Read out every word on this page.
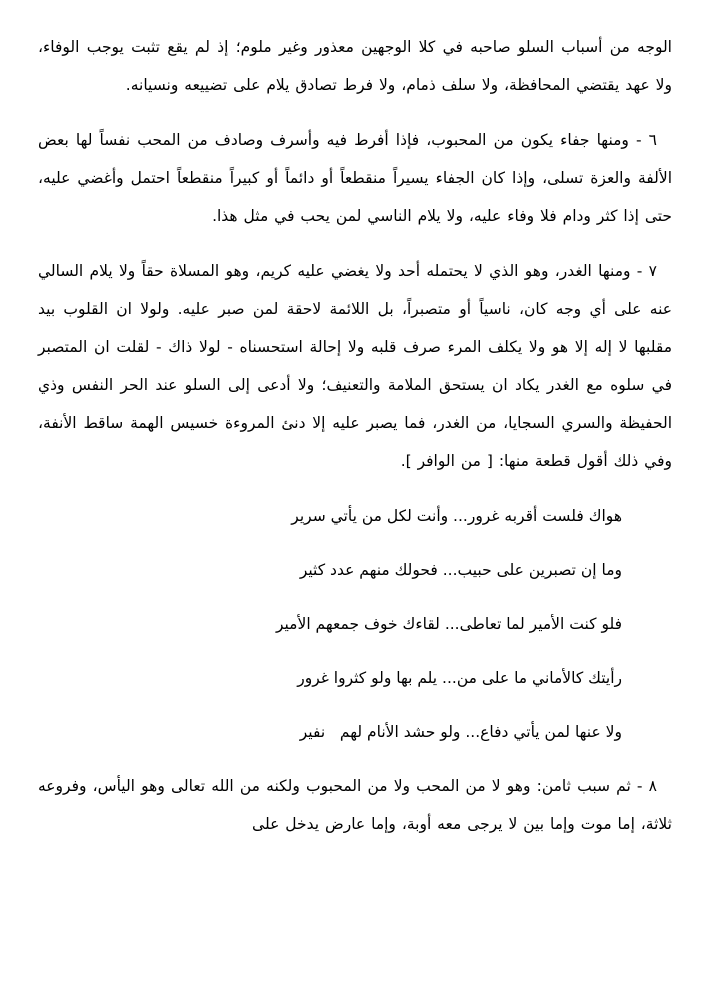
الوجه من أسباب السلو صاحبه في كلا الوجهين معذور وغير ملوم؛ إذ لم يقع تثبت يوجب الوفاء، ولا عهد يقتضي المحافظة، ولا سلف ذمام، ولا فرط تصادق يلام على تضييعه ونسيانه.

٦ - ومنها جفاء يكون من المحبوب، فإذا أفرط فيه وأسرف وصادف من المحب نفساً لها بعض الألفة والعزة تسلى، وإذا كان الجفاء يسيراً منقطعاً أو دائماً أو كبيراً منقطعاً احتمل وأغضي عليه، حتى إذا كثر ودام فلا وفاء عليه، ولا يلام الناسي لمن يحب في مثل هذا.

٧ - ومنها الغدر، وهو الذي لا يحتمله أحد ولا يغضي عليه كريم، وهو المسلاة حقاً ولا يلام السالي عنه على أي وجه كان، ناسياً أو متصبراً، بل اللائمة لاحقة لمن صبر عليه. ولولا ان القلوب بيد مقلبها لا إله إلا هو ولا يكلف المرء صرف قلبه ولا إحالة استحسناه - لولا ذاك - لقلت ان المتصبر في سلوه مع الغدر يكاد ان يستحق الملامة والتعنيف؛ ولا أدعى إلى السلو عند الحر النفس وذي الحفيظة والسري السجايا، من الغدر، فما يصبر عليه إلا دنئ المروءة خسيس الهمة ساقط الأنفة، وفي ذلك أقول قطعة منها: [ من الوافر ].

هواك فلست أقربه غرور... وأنت لكل من يأتي سرير

وما إن تصبرين على حبيب... فحولك منهم عدد كثير

فلو كنت الأمير لما تعاطى... لقاءك خوف جمعهم الأمير

رأيتك كالأماني ما على من... يلم بها ولو كثروا غرور

ولا عنها لمن يأتي دفاع... ولو حشد الأنام لهم   نفير

٨ - ثم سبب ثامن: وهو لا من المحب ولا من المحبوب ولكنه من الله تعالى وهو اليأس، وفروعه ثلاثة، إما موت وإما بين لا يرجى معه أوبة، وإما عارض يدخل على
